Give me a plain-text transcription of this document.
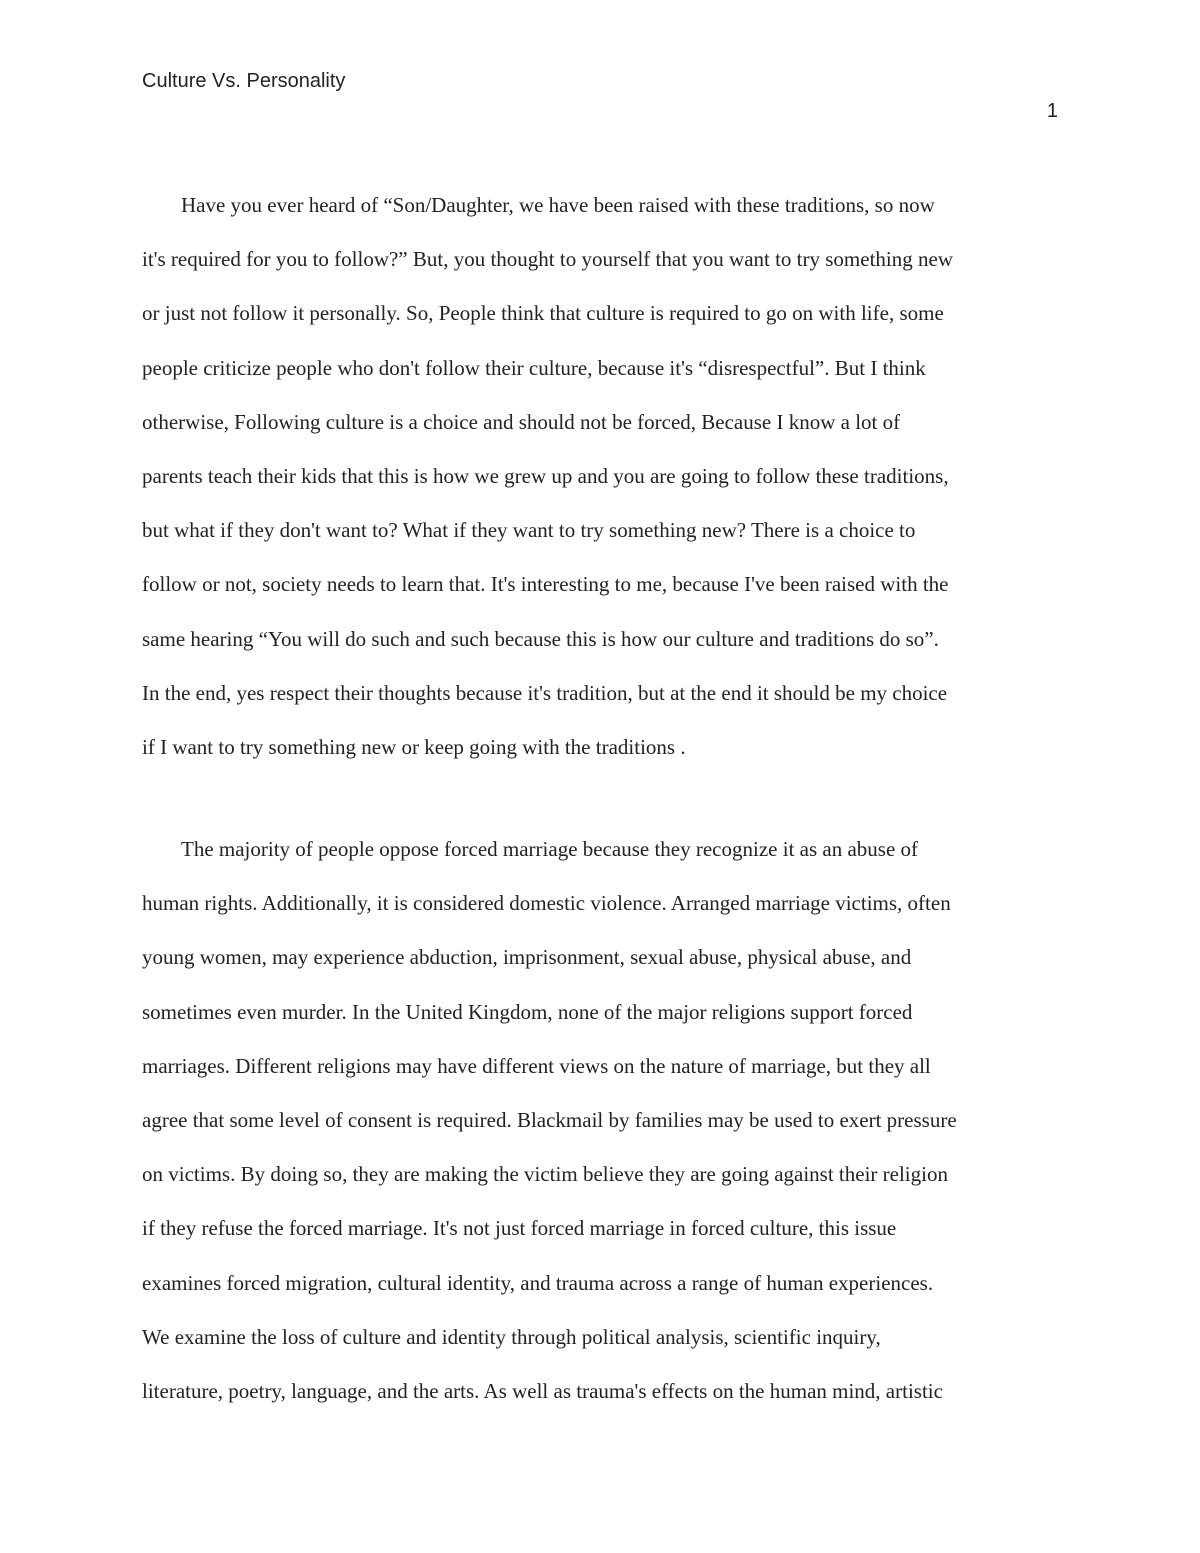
Culture Vs. Personality
1
Have you ever heard of “Son/Daughter, we have been raised with these traditions, so now
it's required for you to follow?” But, you thought to yourself that you want to try something new
or just not follow it personally. So, People think that culture is required to go on with life, some
people criticize people who don't follow their culture, because it's “disrespectful”. But I think
otherwise, Following culture is a choice and should not be forced, Because I know a lot of
parents teach their kids that this is how we grew up and you are going to follow these traditions,
but what if they don't want to? What if they want to try something new? There is a choice to
follow or not, society needs to learn that. It's interesting to me, because I've been raised with the
same hearing “You will do such and such because this is how our culture and traditions do so”.
In the end, yes respect their thoughts because it's tradition, but at the end it should be my choice
if I want to try something new or keep going with the traditions .
The majority of people oppose forced marriage because they recognize it as an abuse of
human rights. Additionally, it is considered domestic violence. Arranged marriage victims, often
young women, may experience abduction, imprisonment, sexual abuse, physical abuse, and
sometimes even murder. In the United Kingdom, none of the major religions support forced
marriages. Different religions may have different views on the nature of marriage, but they all
agree that some level of consent is required. Blackmail by families may be used to exert pressure
on victims. By doing so, they are making the victim believe they are going against their religion
if they refuse the forced marriage. It's not just forced marriage in forced culture, this issue
examines forced migration, cultural identity, and trauma across a range of human experiences.
We examine the loss of culture and identity through political analysis, scientific inquiry,
literature, poetry, language, and the arts. As well as trauma's effects on the human mind, artistic
